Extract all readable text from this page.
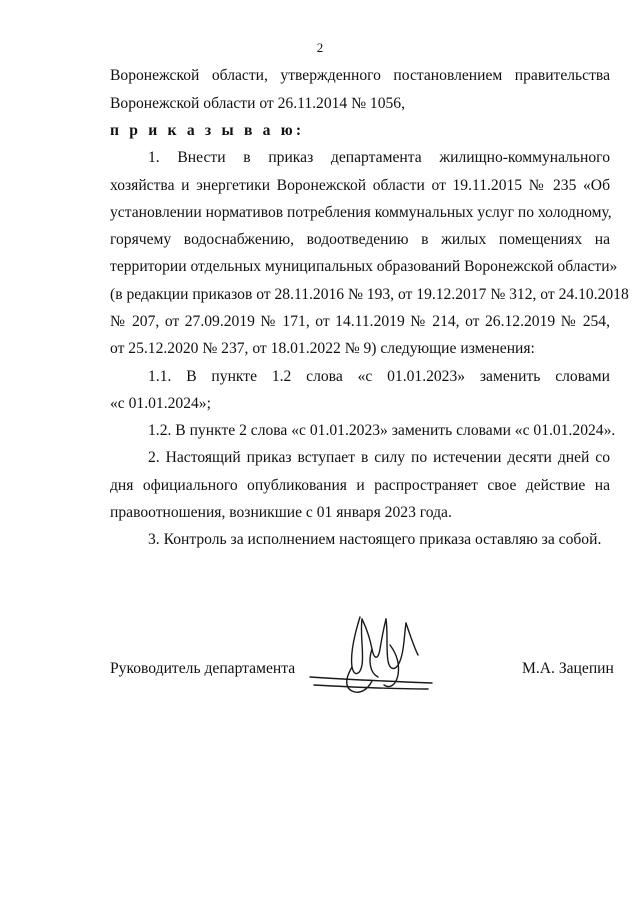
2
Воронежской области, утвержденного постановлением правительства
Воронежской области от 26.11.2014 № 1056,
п р и к а з ы в а ю:
1. Внести в приказ департамента жилищно-коммунального
хозяйства и энергетики Воронежской области от 19.11.2015 № 235 «Об
установлении нормативов потребления коммунальных услуг по холодному,
горячему водоснабжению, водоотведению в жилых помещениях на
территории отдельных муниципальных образований Воронежской области»
(в редакции приказов от 28.11.2016 № 193, от 19.12.2017 № 312, от 24.10.2018
№ 207, от 27.09.2019 № 171, от 14.11.2019 № 214, от 26.12.2019 № 254,
от 25.12.2020 № 237, от 18.01.2022 № 9) следующие изменения:
1.1. В пункте 1.2 слова «с 01.01.2023» заменить словами
«с 01.01.2024»;
1.2. В пункте 2 слова «с 01.01.2023» заменить словами «с 01.01.2024».
2. Настоящий приказ вступает в силу по истечении десяти дней со
дня официального опубликования и распространяет свое действие на
правоотношения, возникшие с 01 января 2023 года.
3. Контроль за исполнением настоящего приказа оставляю за собой.
Руководитель департамента	М.А. Зацепин
